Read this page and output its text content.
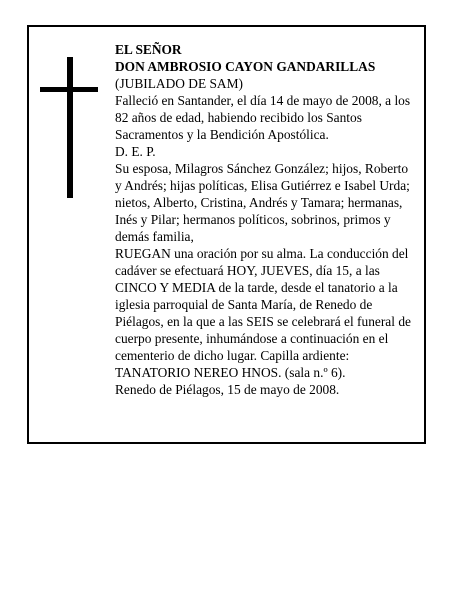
EL SEÑOR

DON AMBROSIO CAYON GANDARILLAS

(JUBILADO DE SAM)

Falleció en Santander, el día 14 de mayo de 2008, a los 82 años de edad, habiendo recibido los Santos Sacramentos y la Bendición Apostólica.

D. E. P.

Su esposa, Milagros Sánchez González; hijos, Roberto y Andrés; hijas políticas, Elisa Gutiérrez e Isabel Urda; nietos, Alberto, Cristina, Andrés y Tamara; hermanas, Inés y Pilar; hermanos políticos, sobrinos, primos y demás familia,

RUEGAN una oración por su alma. La conducción del cadáver se efectuará HOY, JUEVES, día 15, a las CINCO Y MEDIA de la tarde, desde el tanatorio a la iglesia parroquial de Santa María, de Renedo de Piélagos, en la que a las SEIS se celebrará el funeral de cuerpo presente, inhumándose a continuación en el cementerio de dicho lugar. Capilla ardiente:

TANATORIO NEREO HNOS. (sala n.º 6).

Renedo de Piélagos, 15 de mayo de 2008.
